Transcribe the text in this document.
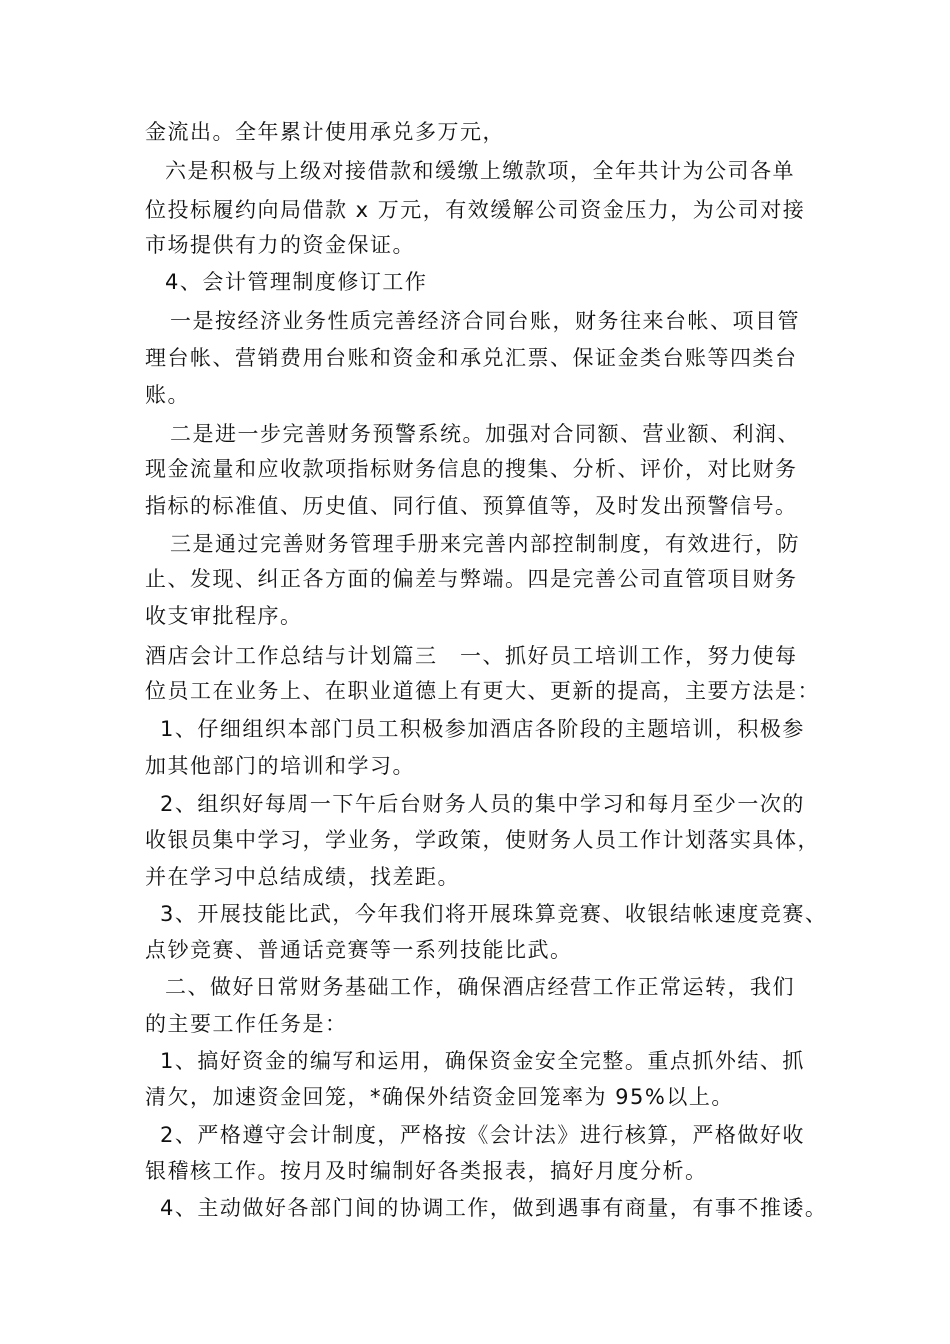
金流出。全年累计使用承兑多万元，
六是积极与上级对接借款和缓缴上缴款项，全年共计为公司各单
位投标履约向局借款 x 万元，有效缓解公司资金压力，为公司对接
市场提供有力的资金保证。
4、会计管理制度修订工作
一是按经济业务性质完善经济合同台账，财务往来台帐、项目管
理台帐、营销费用台账和资金和承兑汇票、保证金类台账等四类台
账。
二是进一步完善财务预警系统。加强对合同额、营业额、利润、
现金流量和应收款项指标财务信息的搜集、分析、评价，对比财务
指标的标准值、历史值、同行值、预算值等，及时发出预警信号。
三是通过完善财务管理手册来完善内部控制制度，有效进行，防
止、发现、纠正各方面的偏差与弊端。四是完善公司直管项目财务
收支审批程序。
酒店会计工作总结与计划篇三　一、抓好员工培训工作，努力使每
位员工在业务上、在职业道德上有更大、更新的提高，主要方法是：
1、仔细组织本部门员工积极参加酒店各阶段的主题培训，积极参
加其他部门的培训和学习。
2、组织好每周一下午后台财务人员的集中学习和每月至少一次的
收银员集中学习，学业务，学政策，使财务人员工作计划落实具体，
并在学习中总结成绩，找差距。
3、开展技能比武，今年我们将开展珠算竞赛、收银结帐速度竞赛、
点钞竞赛、普通话竞赛等一系列技能比武。
二、做好日常财务基础工作，确保酒店经营工作正常运转，我们
的主要工作任务是：
1、搞好资金的编写和运用，确保资金安全完整。重点抓外结、抓
清欠，加速资金回笼，*确保外结资金回笼率为 95%以上。
2、严格遵守会计制度，严格按《会计法》进行核算，严格做好收
银稽核工作。按月及时编制好各类报表，搞好月度分析。
4、主动做好各部门间的协调工作，做到遇事有商量，有事不推诿。
